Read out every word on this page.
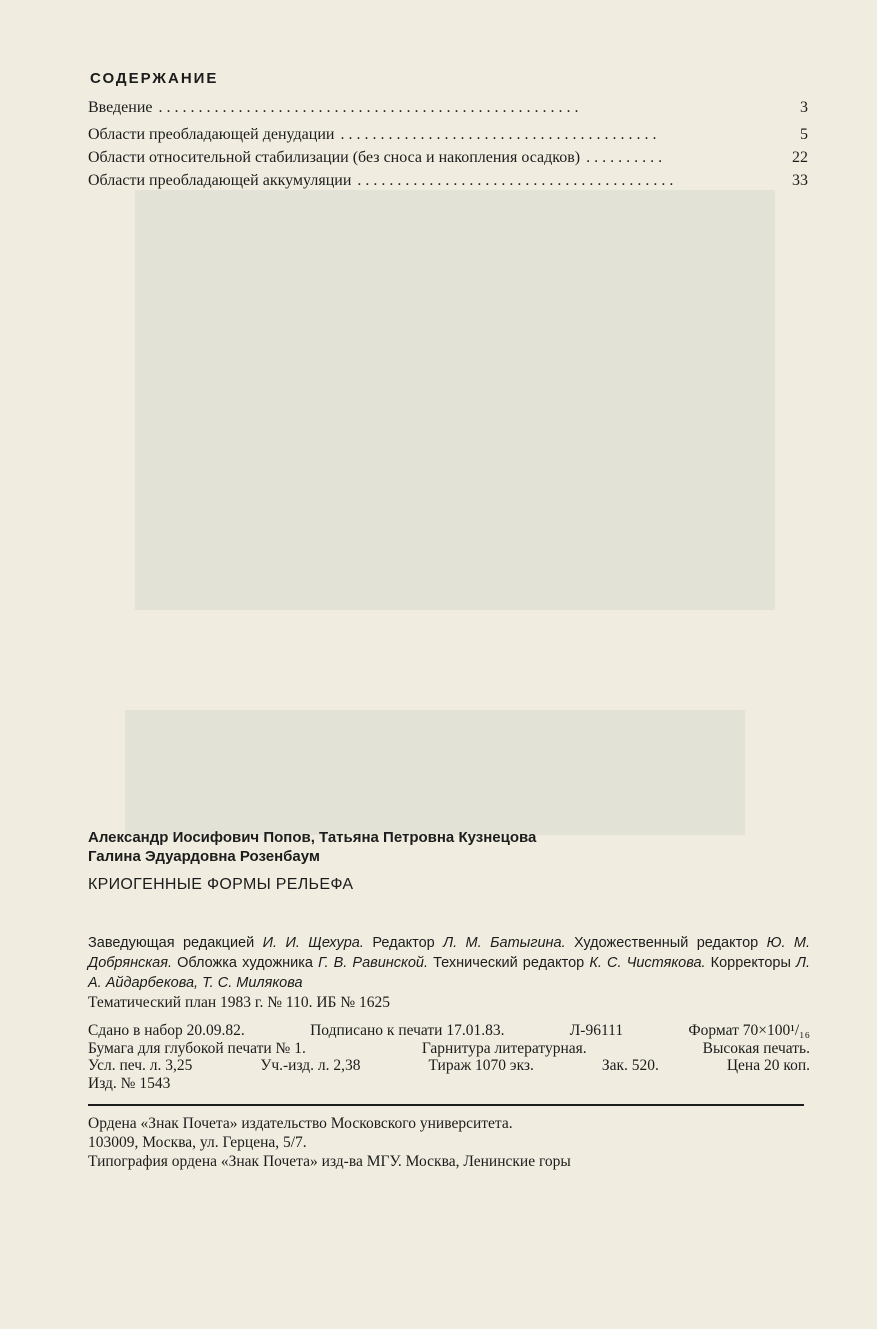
СОДЕРЖАНИЕ
Введение . . . . . . . . . . . . . . . . . . . . . . . . . . . . . . . . . . . . . . . . . . . . . . . . . . . . .	3
Области преобладающей денудации . . . . . . . . . . . . . . . . . . . . . . . . . . . . . . . . . . . . . . . .	5
Области относительной стабилизации (без сноса и накопления осадков) . . . . . . . . . .	22
Области преобладающей аккумуляции . . . . . . . . . . . . . . . . . . . . . . . . . . . . . . . . . . . . . . . .	33
Александр Иосифович Попов, Татьяна Петровна Кузнецова
Галина Эдуардовна Розенбаум
КРИОГЕННЫЕ ФОРМЫ РЕЛЬЕФА
Заведующая редакцией И. И. Щехура. Редактор Л. М. Батыгина. Художественный редактор Ю. М. Добрянская. Обложка художника Г. В. Равинской. Технический редактор К. С. Чистякова. Корректоры Л. А. Айдарбекова, Т. С. Милякова
Тематический план 1983 г. № 110. ИБ № 1625
Сдано в набор 20.09.82.	Подписано к печати 17.01.83.	Л-96111	Формат 70×100¹/₁₆
Бумага для глубокой печати № 1.	Гарнитура литературная.	Высокая печать.
Усл. печ. л. 3,25	Уч.-изд. л. 2,38	Тираж 1070 экз.	Зак. 520.	Цена 20 коп.
Изд. № 1543
Ордена «Знак Почета» издательство Московского университета.
103009, Москва, ул. Герцена, 5/7.
Типография ордена «Знак Почета» изд-ва МГУ. Москва, Ленинские горы
